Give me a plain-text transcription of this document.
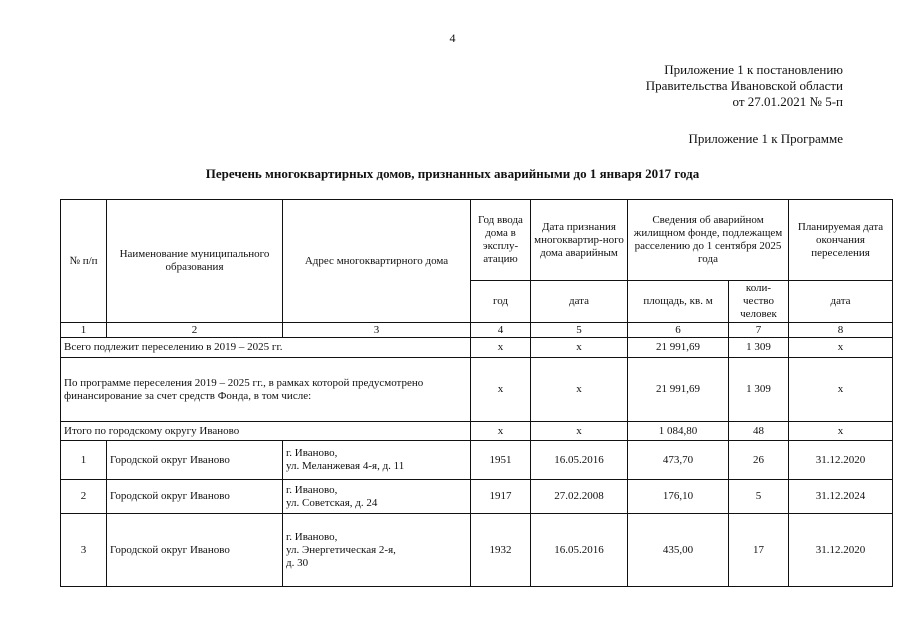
4
Приложение 1 к постановлению
Правительства Ивановской области
от 27.01.2021 № 5-п
Приложение 1 к Программе
Перечень многоквартирных домов, признанных аварийными до 1 января 2017 года
№ п/п	Наименование муниципального образования	Адрес многоквартирного дома	Год ввода дома в эксплу-атацию	Дата признания многоквартир-ного дома аварийным	Сведения об аварийном жилищном фонде, подлежащем расселению до 1 сентября 2025 года		Планируемая дата окончания переселения
			год	дата	площадь, кв. м	коли-чество человек	дата
1	2	3	4	5	6	7	8
Всего подлежит переселению в 2019 – 2025 гг.			х	х	21 991,69	1 309	х
По программе переселения 2019 – 2025 гг., в рамках которой предусмотрено финансирование за счет средств Фонда, в том числе:			х	х	21 991,69	1 309	х
Итого по городскому округу Иваново			х	х	1 084,80	48	х
1	Городской округ Иваново	г. Иваново,
ул. Меланжевая 4-я, д. 11	1951	16.05.2016	473,70	26	31.12.2020
2	Городской округ Иваново	г. Иваново,
ул. Советская, д. 24	1917	27.02.2008	176,10	5	31.12.2024
3	Городской округ Иваново	г. Иваново,
ул. Энергетическая 2-я,
д. 30	1932	16.05.2016	435,00	17	31.12.2020
